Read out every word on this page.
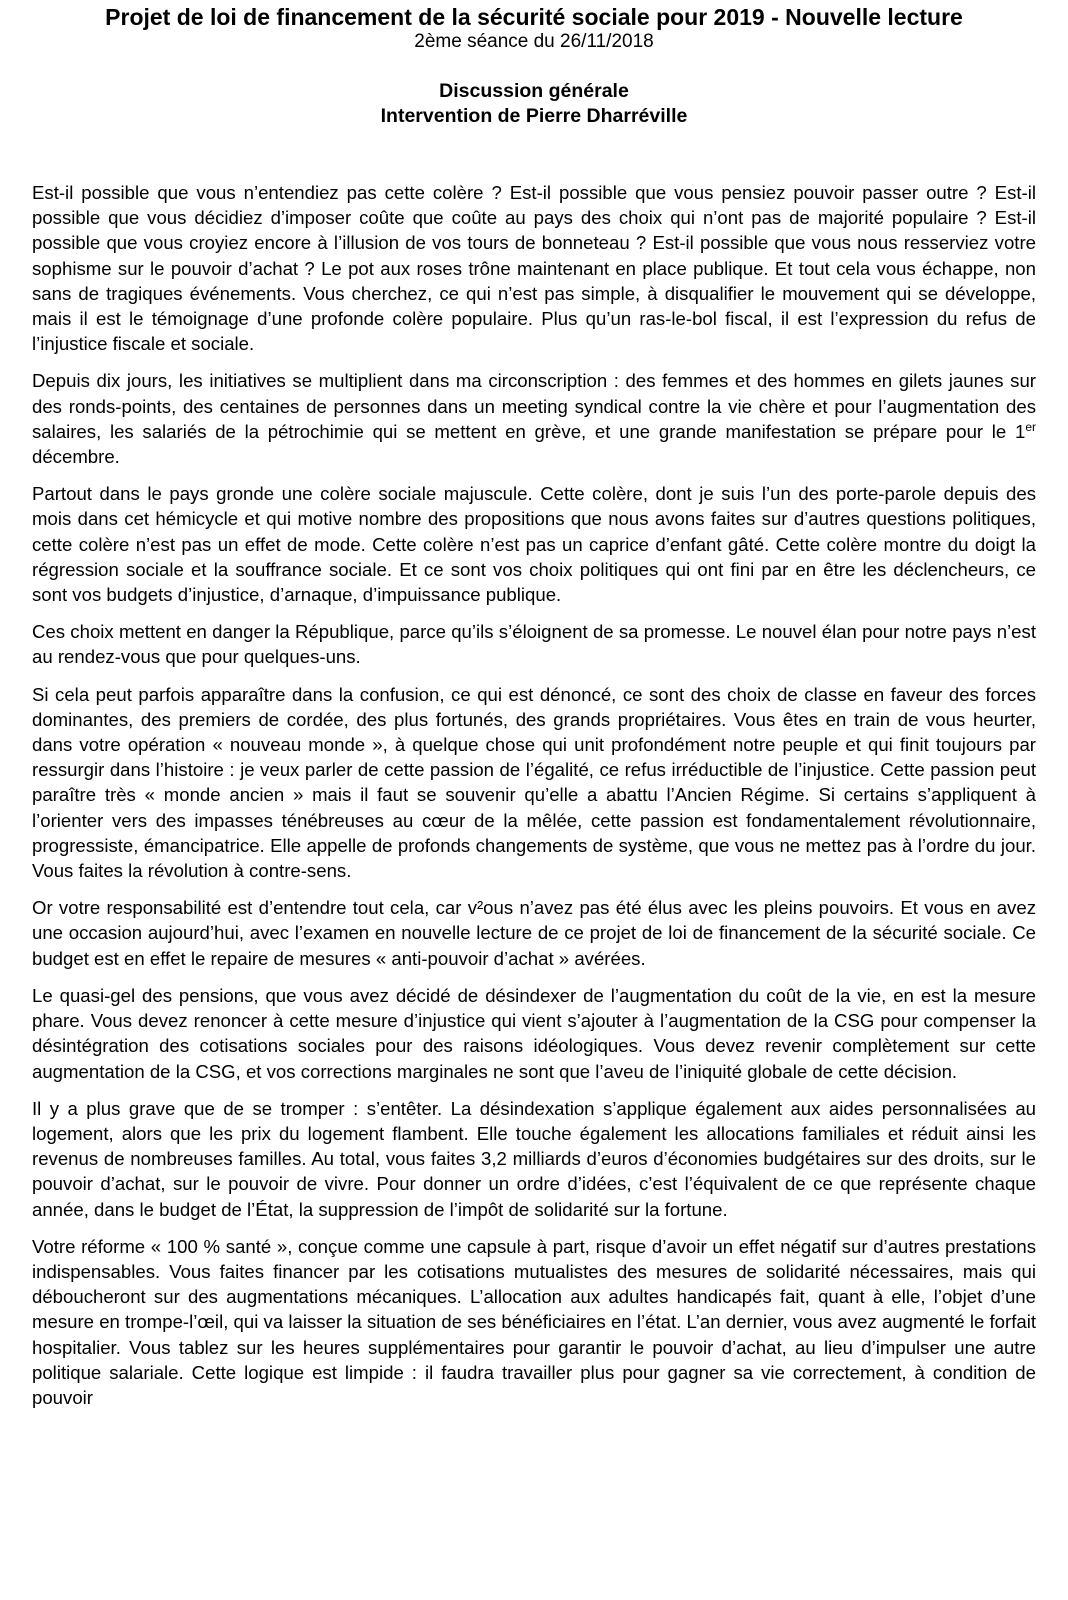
Projet de loi de financement de la sécurité sociale pour 2019 - Nouvelle lecture

2ème séance du 26/11/2018

Discussion générale

Intervention de Pierre Dharréville

Est-il possible que vous n’entendiez pas cette colère ? Est-il possible que vous pensiez pouvoir passer outre ? Est-il possible que vous décidiez d’imposer coûte que coûte au pays des choix qui n’ont pas de majorité populaire ? Est-il possible que vous croyiez encore à l’illusion de vos tours de bonneteau ? Est-il possible que vous nous resserviez votre sophisme sur le pouvoir d’achat ? Le pot aux roses trône maintenant en place publique. Et tout cela vous échappe, non sans de tragiques événements. Vous cherchez, ce qui n’est pas simple, à disqualifier le mouvement qui se développe, mais il est le témoignage d’une profonde colère populaire. Plus qu’un ras-le-bol fiscal, il est l’expression du refus de l’injustice fiscale et sociale.

Depuis dix jours, les initiatives se multiplient dans ma circonscription : des femmes et des hommes en gilets jaunes sur des ronds-points, des centaines de personnes dans un meeting syndical contre la vie chère et pour l’augmentation des salaires, les salariés de la pétrochimie qui se mettent en grève, et une grande manifestation se prépare pour le 1er décembre.

Partout dans le pays gronde une colère sociale majuscule. Cette colère, dont je suis l’un des porte-parole depuis des mois dans cet hémicycle et qui motive nombre des propositions que nous avons faites sur d’autres questions politiques, cette colère n’est pas un effet de mode. Cette colère n’est pas un caprice d’enfant gâté. Cette colère montre du doigt la régression sociale et la souffrance sociale. Et ce sont vos choix politiques qui ont fini par en être les déclencheurs, ce sont vos budgets d’injustice, d’arnaque, d’impuissance publique.

Ces choix mettent en danger la République, parce qu’ils s’éloignent de sa promesse. Le nouvel élan pour notre pays n’est au rendez-vous que pour quelques-uns.

Si cela peut parfois apparaître dans la confusion, ce qui est dénoncé, ce sont des choix de classe en faveur des forces dominantes, des premiers de cordée, des plus fortunés, des grands propriétaires. Vous êtes en train de vous heurter, dans votre opération « nouveau monde », à quelque chose qui unit profondément notre peuple et qui finit toujours par ressurgir dans l’histoire : je veux parler de cette passion de l’égalité, ce refus irréductible de l’injustice. Cette passion peut paraître très « monde ancien » mais il faut se souvenir qu’elle a abattu l’Ancien Régime. Si certains s’appliquent à l’orienter vers des impasses ténébreuses au cœur de la mêlée, cette passion est fondamentalement révolutionnaire, progressiste, émancipatrice. Elle appelle de profonds changements de système, que vous ne mettez pas à l’ordre du jour. Vous faites la révolution à contre-sens.

Or votre responsabilité est d’entendre tout cela, car v²ous n’avez pas été élus avec les pleins pouvoirs. Et vous en avez une occasion aujourd’hui, avec l’examen en nouvelle lecture de ce projet de loi de financement de la sécurité sociale. Ce budget est en effet le repaire de mesures « anti-pouvoir d’achat » avérées.

Le quasi-gel des pensions, que vous avez décidé de désindexer de l’augmentation du coût de la vie, en est la mesure phare. Vous devez renoncer à cette mesure d’injustice qui vient s’ajouter à l’augmentation de la CSG pour compenser la désintégration des cotisations sociales pour des raisons idéologiques. Vous devez revenir complètement sur cette augmentation de la CSG, et vos corrections marginales ne sont que l’aveu de l’iniquité globale de cette décision.

Il y a plus grave que de se tromper : s’entêter. La désindexation s’applique également aux aides personnalisées au logement, alors que les prix du logement flambent. Elle touche également les allocations familiales et réduit ainsi les revenus de nombreuses familles. Au total, vous faites 3,2 milliards d’euros d’économies budgétaires sur des droits, sur le pouvoir d’achat, sur le pouvoir de vivre. Pour donner un ordre d’idées, c’est l’équivalent de ce que représente chaque année, dans le budget de l’État, la suppression de l’impôt de solidarité sur la fortune.

Votre réforme « 100 % santé », conçue comme une capsule à part, risque d’avoir un effet négatif sur d’autres prestations indispensables. Vous faites financer par les cotisations mutualistes des mesures de solidarité nécessaires, mais qui déboucheront sur des augmentations mécaniques. L’allocation aux adultes handicapés fait, quant à elle, l’objet d’une mesure en trompe-l’œil, qui va laisser la situation de ses bénéficiaires en l’état. L’an dernier, vous avez augmenté le forfait hospitalier. Vous tablez sur les heures supplémentaires pour garantir le pouvoir d’achat, au lieu d’impulser une autre politique salariale. Cette logique est limpide : il faudra travailler plus pour gagner sa vie correctement, à condition de pouvoir
